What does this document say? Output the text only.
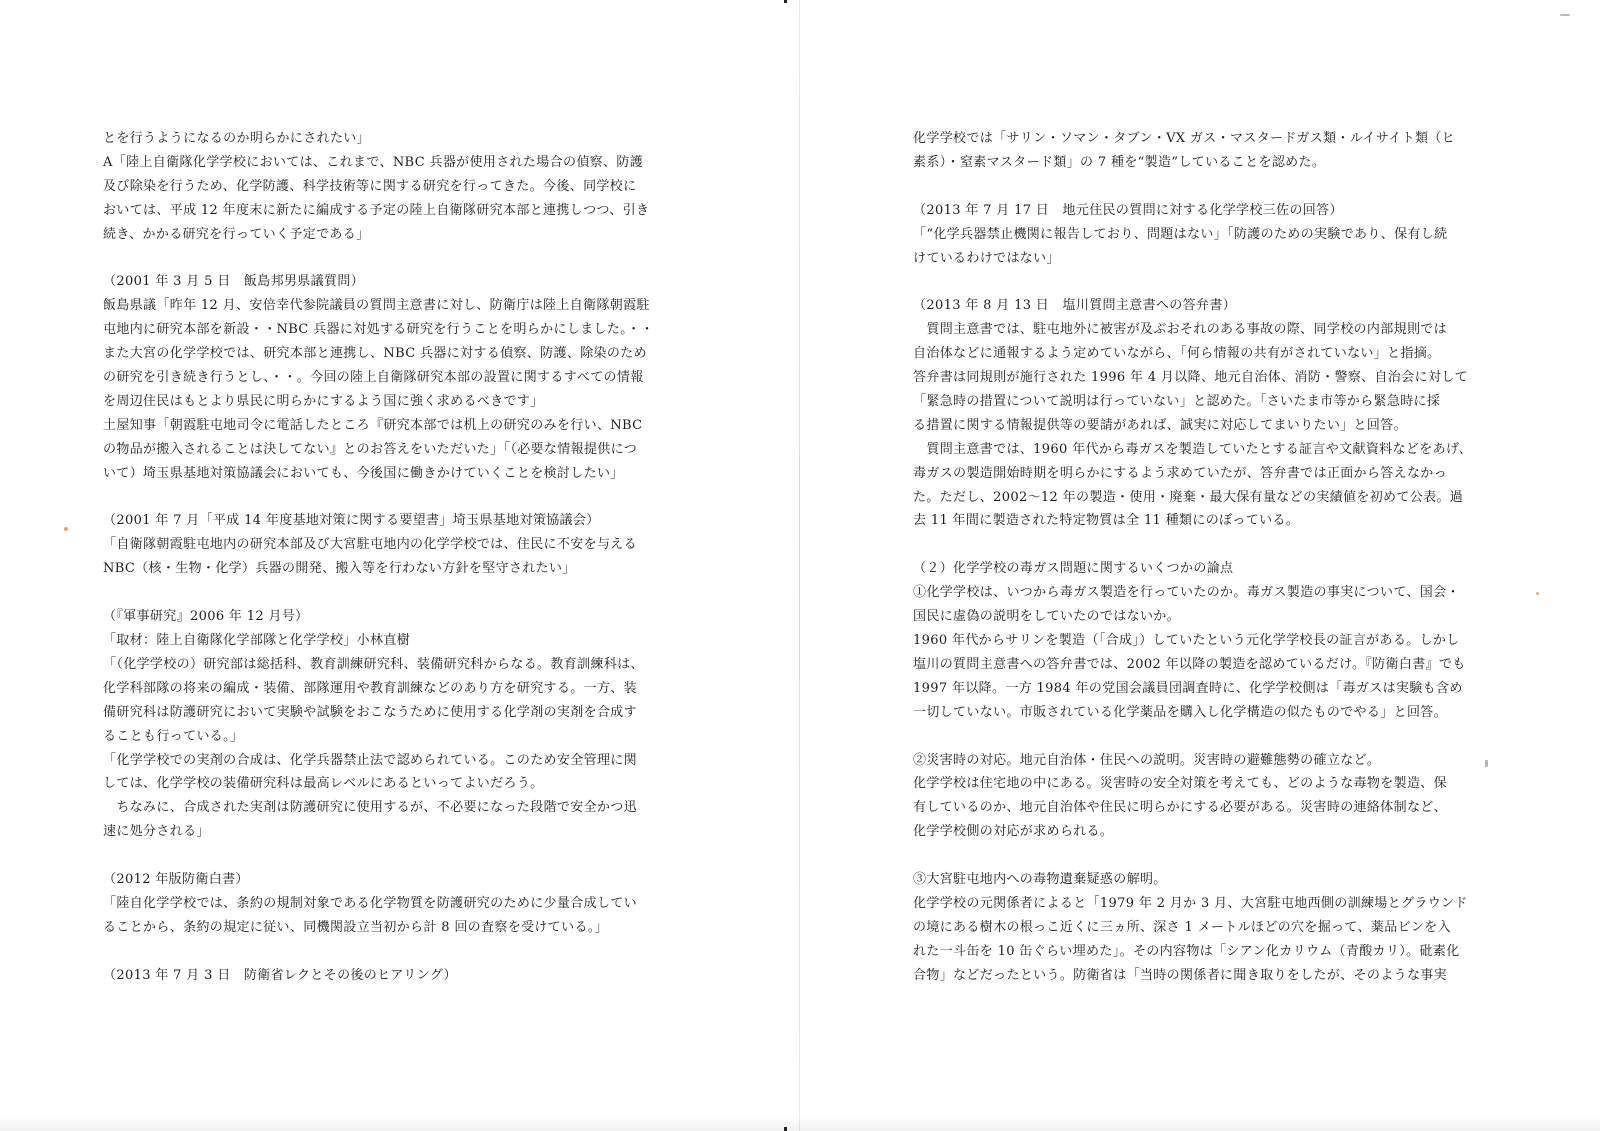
とを行うようになるのか明らかにされたい」

A「陸上自衛隊化学学校においては、これまで、NBC 兵器が使用された場合の偵察、防護
及び除染を行うため、化学防護、科学技術等に関する研究を行ってきた。今後、同学校に
おいては、平成 12 年度末に新たに編成する予定の陸上自衛隊研究本部と連携しつつ、引き
続き、かかる研究を行っていく予定である」

（2001 年 3 月 5 日　飯島邦男県議質問）

飯島県議「昨年 12 月、安倍幸代参院議員の質問主意書に対し、防衛庁は陸上自衛隊朝霞駐
屯地内に研究本部を新設・・NBC 兵器に対処する研究を行うことを明らかにしました。・・
また大宮の化学学校では、研究本部と連携し、NBC 兵器に対する偵察、防護、除染のため
の研究を引き続き行うとし、・・。今回の陸上自衛隊研究本部の設置に関するすべての情報
を周辺住民はもとより県民に明らかにするよう国に強く求めるべきです」

土屋知事「朝霞駐屯地司令に電話したところ『研究本部では机上の研究のみを行い、NBC
の物品が搬入されることは決してない』とのお答えをいただいた」「（必要な情報提供につ
いて）埼玉県基地対策協議会においても、今後国に働きかけていくことを検討したい」

（2001 年 7 月「平成 14 年度基地対策に関する要望書」埼玉県基地対策協議会）

「自衛隊朝霞駐屯地内の研究本部及び大宮駐屯地内の化学学校では、住民に不安を与える
NBC（核・生物・化学）兵器の開発、搬入等を行わない方針を堅守されたい」

（『軍事研究』2006 年 12 月号）

「取材：陸上自衛隊化学部隊と化学学校」小林直樹

「（化学学校の）研究部は総括科、教育訓練研究科、装備研究科からなる。教育訓練科は、
化学科部隊の将来の編成・装備、部隊運用や教育訓練などのあり方を研究する。一方、装
備研究科は防護研究において実験や試験をおこなうために使用する化学剤の実剤を合成す
ることも行っている。」

「化学学校での実剤の合成は、化学兵器禁止法で認められている。このため安全管理に関
しては、化学学校の装備研究科は最高レベルにあるといってよいだろう。
　ちなみに、合成された実剤は防護研究に使用するが、不必要になった段階で安全かつ迅
速に処分される」

（2012 年版防衛白書）

「陸自化学学校では、条約の規制対象である化学物質を防護研究のために少量合成してい
ることから、条約の規定に従い、同機関設立当初から計 8 回の査察を受けている。」

（2013 年 7 月 3 日　防衛省レクとその後のヒアリング）

化学学校では「サリン・ソマン・タブン・VX ガス・マスタードガス類・ルイサイト類（ヒ
素系）・窒素マスタード類」の 7 種を“製造”していることを認めた。

（2013 年 7 月 17 日　地元住民の質問に対する化学学校三佐の回答）

「“化学兵器禁止機関に報告しており、問題はない」「防護のための実験であり、保有し続
けているわけではない」

（2013 年 8 月 13 日　塩川質問主意書への答弁書）

　質問主意書では、駐屯地外に被害が及ぶおそれのある事故の際、同学校の内部規則では
自治体などに通報するよう定めていながら、「何ら情報の共有がされていない」と指摘。
答弁書は同規則が施行された 1996 年 4 月以降、地元自治体、消防・警察、自治会に対して
「緊急時の措置について説明は行っていない」と認めた。「さいたま市等から緊急時に採
る措置に関する情報提供等の要請があれば、誠実に対応してまいりたい」と回答。

　質問主意書では、1960 年代から毒ガスを製造していたとする証言や文献資料などをあげ、
毒ガスの製造開始時期を明らかにするよう求めていたが、答弁書では正面から答えなかっ
た。ただし、2002～12 年の製造・使用・廃棄・最大保有量などの実績値を初めて公表。過
去 11 年間に製造された特定物質は全 11 種類にのぼっている。

（２）化学学校の毒ガス問題に関するいくつかの論点

①化学学校は、いつから毒ガス製造を行っていたのか。毒ガス製造の事実について、国会・
国民に虚偽の説明をしていたのではないか。

1960 年代からサリンを製造（「合成」）していたという元化学学校長の証言がある。しかし
塩川の質問主意書への答弁書では、2002 年以降の製造を認めているだけ。『防衛白書』でも
1997 年以降。一方 1984 年の党国会議員団調査時に、化学学校側は「毒ガスは実験も含め
一切していない。市販されている化学薬品を購入し化学構造の似たものでやる」と回答。

②災害時の対応。地元自治体・住民への説明。災害時の避難態勢の確立など。

化学学校は住宅地の中にある。災害時の安全対策を考えても、どのような毒物を製造、保
有しているのか、地元自治体や住民に明らかにする必要がある。災害時の連絡体制など、
化学学校側の対応が求められる。

③大宮駐屯地内への毒物遺棄疑惑の解明。

化学学校の元関係者によると「1979 年 2 月か 3 月、大宮駐屯地西側の訓練場とグラウンド
の境にある樹木の根っこ近くに三ヵ所、深さ 1 メートルほどの穴を掘って、薬品ビンを入
れた一斗缶を 10 缶ぐらい埋めた」。その内容物は「シアン化カリウム（青酸カリ）。砒素化
合物」などだったという。防衛省は「当時の関係者に聞き取りをしたが、そのような事実
